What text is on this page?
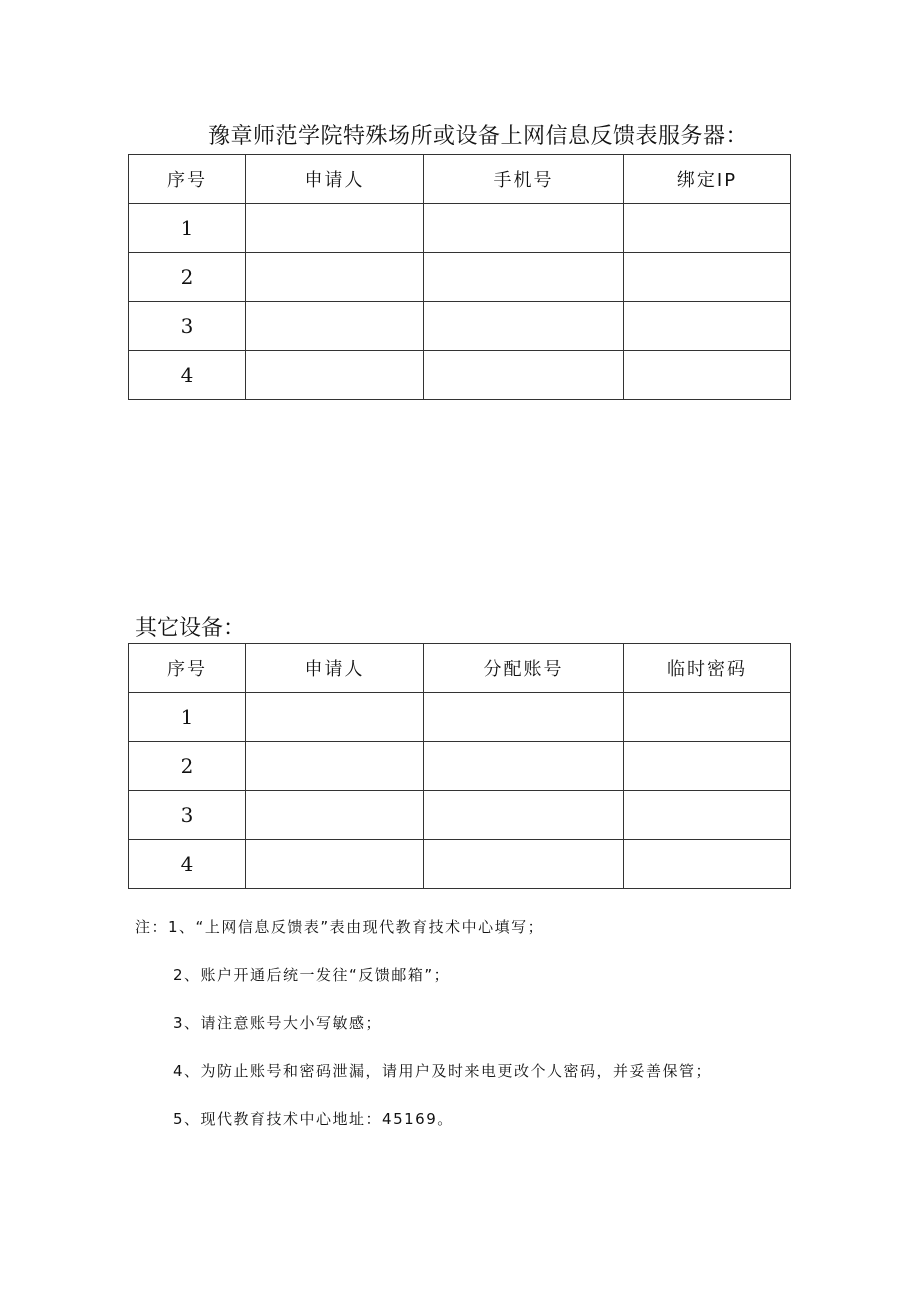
豫章师范学院特殊场所或设备上网信息反馈表服务器：
序号	申请人	手机号	绑定IP
1			
2			
3			
4			
其它设备：
序号	申请人	分配账号	临时密码
1			
2			
3			
4			
注：1、“上网信息反馈表”表由现代教育技术中心填写；
2、账户开通后统一发往“反馈邮箱”；
3、请注意账号大小写敏感；
4、为防止账号和密码泄漏，请用户及时来电更改个人密码，并妥善保管；
5、现代教育技术中心地址：45169。
